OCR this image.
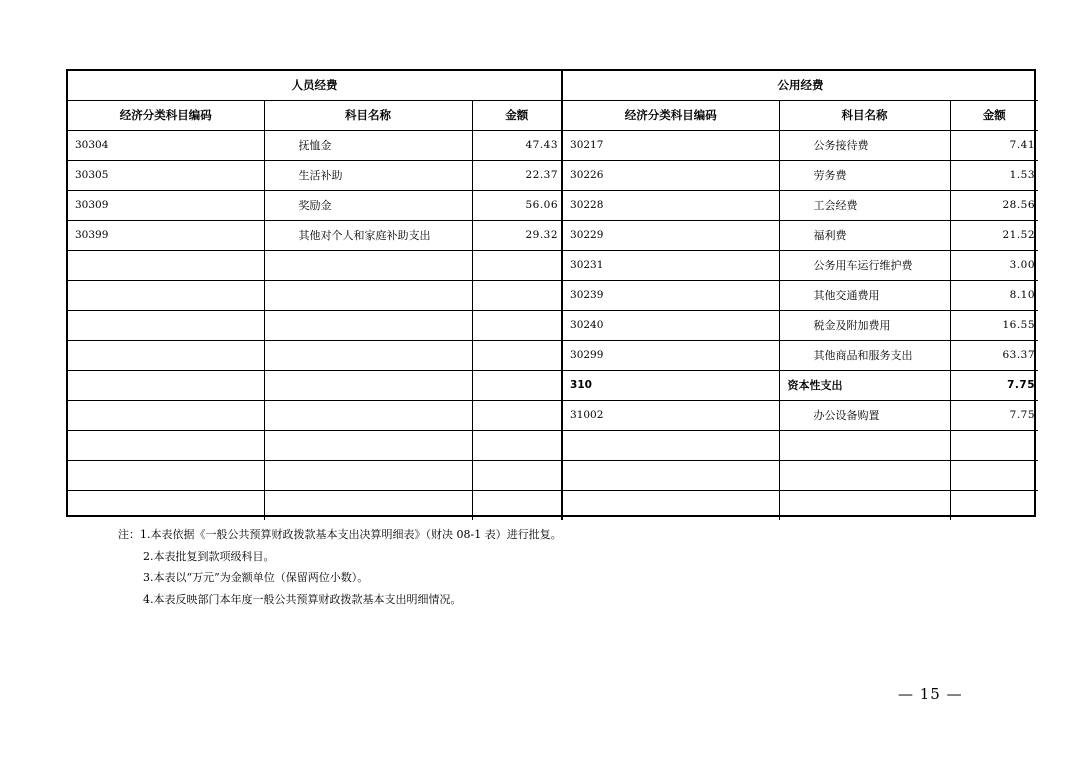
人员经费			公用经费		
经济分类科目编码	科目名称	金额	经济分类科目编码	科目名称	金额
30304	抚恤金	47.43	30217	公务接待费	7.41
30305	生活补助	22.37	30226	劳务费	1.53
30309	奖励金	56.06	30228	工会经费	28.56
30399	其他对个人和家庭补助支出	29.32	30229	福利费	21.52
			30231	公务用车运行维护费	3.00
			30239	其他交通费用	8.10
			30240	税金及附加费用	16.55
			30299	其他商品和服务支出	63.37
			310	资本性支出	7.75
			31002	办公设备购置	7.75

注：1.本表依据《一般公共预算财政拨款基本支出决算明细表》（财决 08-1 表）进行批复。
2.本表批复到款项级科目。
3.本表以“万元”为金额单位（保留两位小数）。
4.本表反映部门本年度一般公共预算财政拨款基本支出明细情况。
— 15 —
